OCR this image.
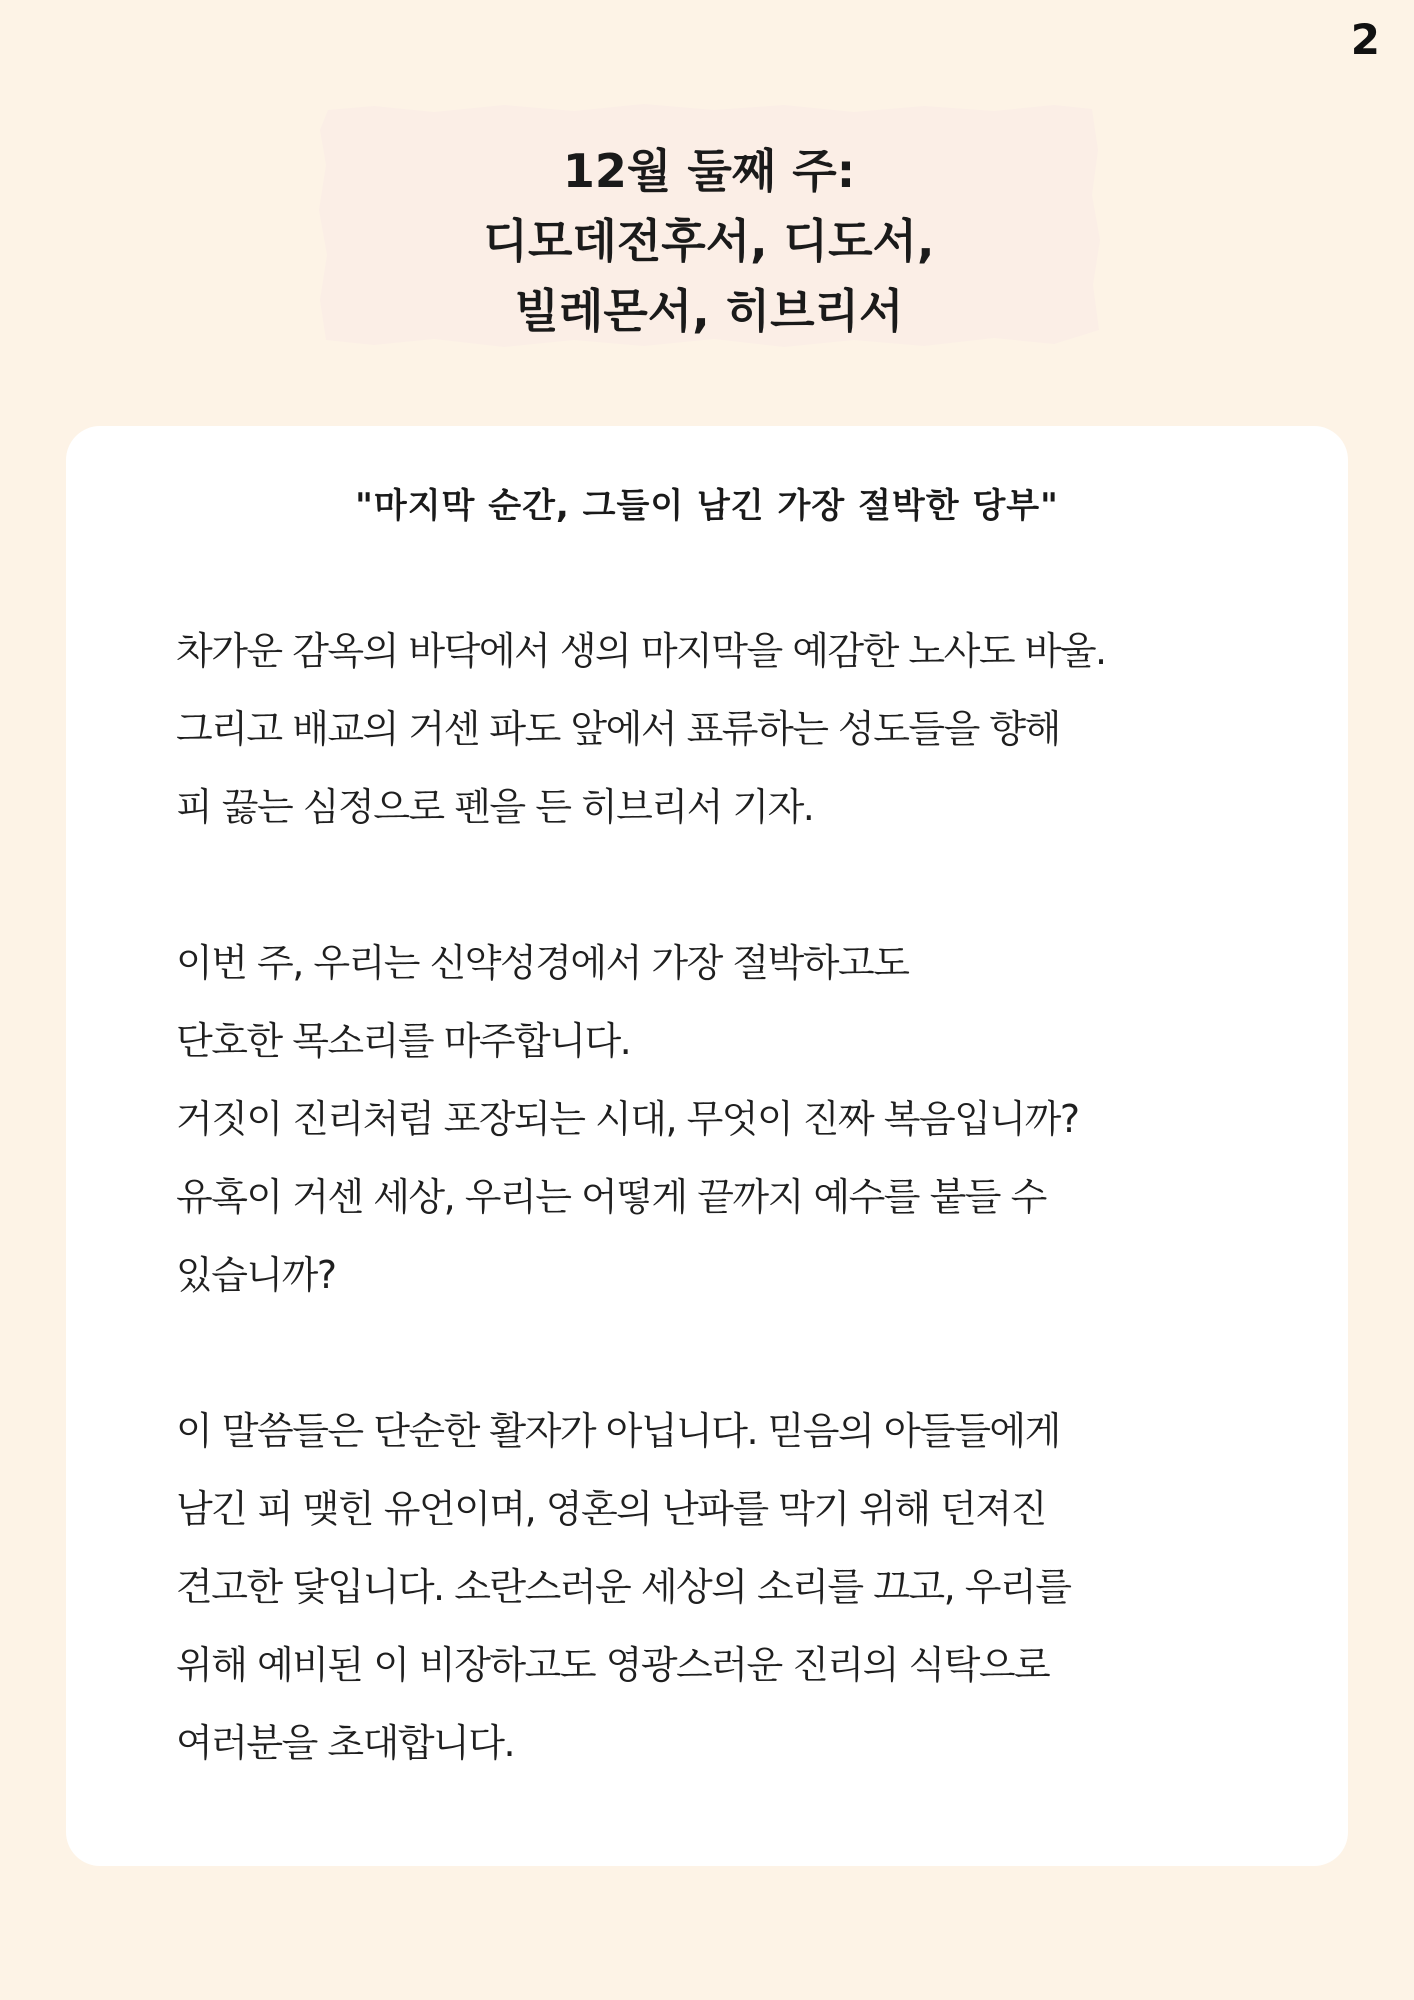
2
12월 둘째 주:
디모데전후서, 디도서,
빌레몬서, 히브리서
"마지막 순간, 그들이 남긴 가장 절박한 당부"

차가운 감옥의 바닥에서 생의 마지막을 예감한 노사도 바울.
그리고 배교의 거센 파도 앞에서 표류하는 성도들을 향해
피 끓는 심정으로 펜을 든 히브리서 기자.

이번 주, 우리는 신약성경에서 가장 절박하고도
단호한 목소리를 마주합니다.
거짓이 진리처럼 포장되는 시대, 무엇이 진짜 복음입니까?
유혹이 거센 세상, 우리는 어떻게 끝까지 예수를 붙들 수
있습니까?

이 말씀들은 단순한 활자가 아닙니다. 믿음의 아들들에게
남긴 피 맺힌 유언이며, 영혼의 난파를 막기 위해 던져진
견고한 닻입니다. 소란스러운 세상의 소리를 끄고, 우리를
위해 예비된 이 비장하고도 영광스러운 진리의 식탁으로
여러분을 초대합니다.
